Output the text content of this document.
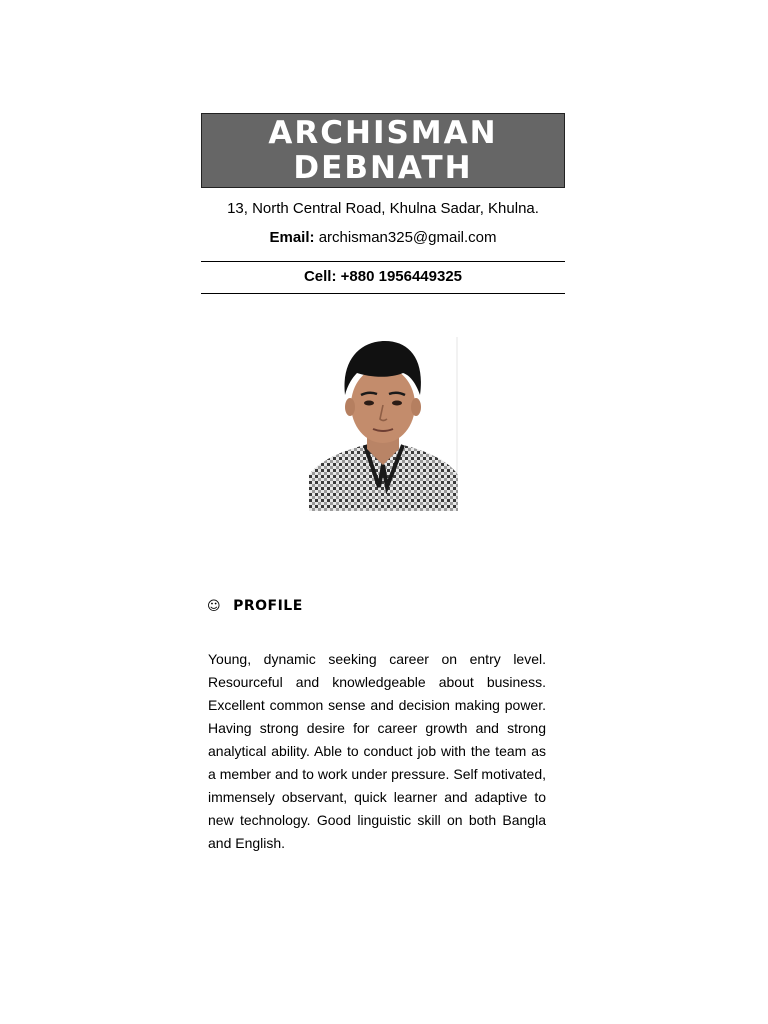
ARCHISMAN
DEBNATH
13, North Central Road, Khulna Sadar, Khulna.
Email: archisman325@gmail.com
Cell: +880 1956449325
☺ PROFILE
Young, dynamic seeking career on entry level. Resourceful and knowledgeable about business. Excellent common sense and decision making power. Having strong desire for career growth and strong analytical ability. Able to conduct job with the team as a member and to work under pressure. Self motivated, immensely observant, quick learner and adaptive to new technology. Good linguistic skill on both Bangla and English.
